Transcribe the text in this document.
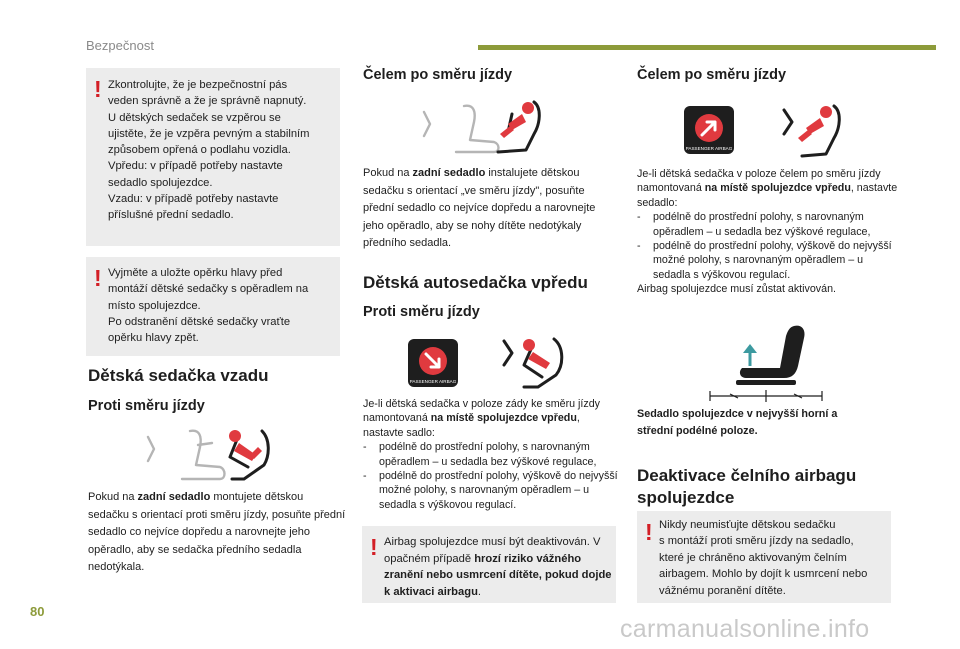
Bezpečnost
! Zkontrolujte, že je bezpečnostní pás
veden správně a že je správně napnutý.
U dětských sedaček se vzpěrou se
ujistěte, že je vzpěra pevným a stabilním
způsobem opřená o podlahu vozidla.
Vpředu: v případě potřeby nastavte
sedadlo spolujezdce.
Vzadu: v případě potřeby nastavte
příslušné přední sedadlo.
! Vyjměte a uložte opěrku hlavy před
montáží dětské sedačky s opěradlem na
místo spolujezdce.
Po odstranění dětské sedačky vraťte
opěrku hlavy zpět.
Dětská sedačka vzadu
Proti směru jízdy
Pokud na zadní sedadlo montujete dětskou sedačku s orientací proti směru jízdy, posuňte přední sedadlo co nejvíce dopředu a narovnejte jeho opěradlo, aby se sedačka předního sedadla nedotýkala.
Čelem po směru jízdy
Pokud na zadní sedadlo instalujete dětskou sedačku s orientací „ve směru jízdy", posuňte přední sedadlo co nejvíce dopředu a narovnejte jeho opěradlo, aby se nohy dítěte nedotýkaly předního sedadla.
Dětská autosedačka vpředu
Proti směru jízdy
PASSENGER AIRBAG
Je-li dětská sedačka v poloze zády ke směru jízdy namontovaná na místě spolujezdce vpředu, nastavte sadlo:
- podélně do prostřední polohy, s narovnaným opěradlem – u sedadla bez výškové regulace,
- podélně do prostřední polohy, výškově do nejvyšší možné polohy, s narovnaným opěradlem – u sedadla s výškovou regulací.
! Airbag spolujezdce musí být deaktivován. V opačném případě hrozí riziko vážného zranění nebo usmrcení dítěte, pokud dojde k aktivaci airbagu.
Čelem po směru jízdy
PASSENGER AIRBAG
Je-li dětská sedačka v poloze čelem po směru jízdy namontovaná na místě spolujezdce vpředu, nastavte sedadlo:
- podélně do prostřední polohy, s narovnaným opěradlem – u sedadla bez výškové regulace,
- podélně do prostřední polohy, výškově do nejvyšší možné polohy, s narovnaným opěradlem – u sedadla s výškovou regulací.
Airbag spolujezdce musí zůstat aktivován.
Sedadlo spolujezdce v nejvyšší horní a střední podélné poloze.
Deaktivace čelního airbagu spolujezdce
! Nikdy neumisťujte dětskou sedačku
s montáží proti směru jízdy na sedadlo,
které je chráněno aktivovaným čelním
airbagem. Mohlo by dojít k usmrcení nebo
vážnému poranění dítěte.
80
carmanualsonline.info
